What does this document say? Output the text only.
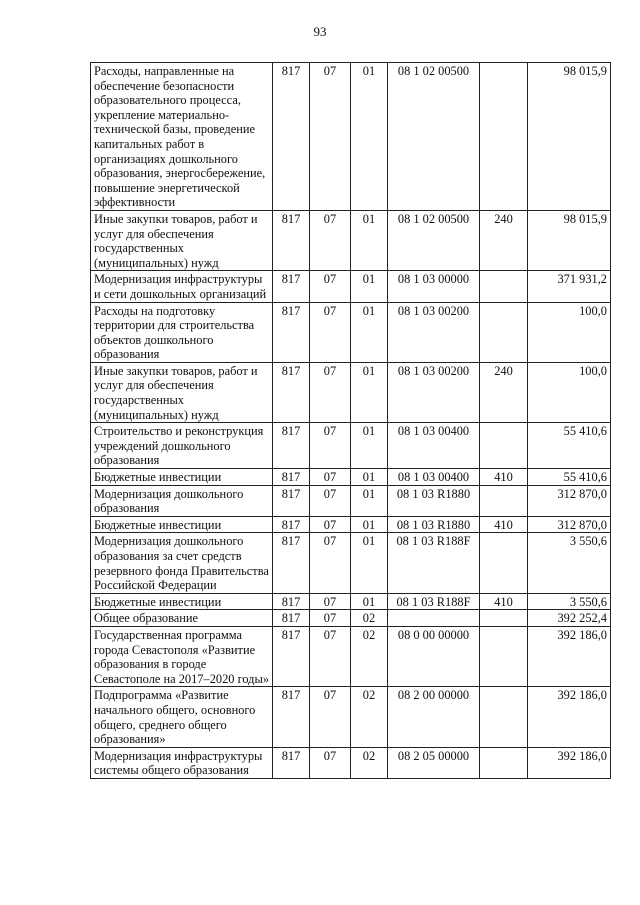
93
Расходы, направленные на обеспечение безопасности образовательного процесса, укрепление материально-технической базы, проведение капитальных работ в организациях дошкольного образования, энергосбережение, повышение энергетической эффективности	817	07	01	08 1 02 00500		98 015,9
Иные закупки товаров, работ и услуг для обеспечения государственных (муниципальных) нужд	817	07	01	08 1 02 00500	240	98 015,9
Модернизация инфраструктуры и сети дошкольных организаций	817	07	01	08 1 03 00000		371 931,2
Расходы на подготовку территории для строительства объектов дошкольного образования	817	07	01	08 1 03 00200		100,0
Иные закупки товаров, работ и услуг для обеспечения государственных (муниципальных) нужд	817	07	01	08 1 03 00200	240	100,0
Строительство и реконструкция учреждений дошкольного образования	817	07	01	08 1 03 00400		55 410,6
Бюджетные инвестиции	817	07	01	08 1 03 00400	410	55 410,6
Модернизация дошкольного образования	817	07	01	08 1 03 R1880		312 870,0
Бюджетные инвестиции	817	07	01	08 1 03 R1880	410	312 870,0
Модернизация дошкольного образования за счет средств резервного фонда Правительства Российской Федерации	817	07	01	08 1 03 R188F		3 550,6
Бюджетные инвестиции	817	07	01	08 1 03 R188F	410	3 550,6
Общее образование	817	07	02			392 252,4
Государственная программа города Севастополя «Развитие образования в городе Севастополе на 2017–2020 годы»	817	07	02	08 0 00 00000		392 186,0
Подпрограмма «Развитие начального общего, основного общего, среднего общего образования»	817	07	02	08 2 00 00000		392 186,0
Модернизация инфраструктуры системы общего образования	817	07	02	08 2 05 00000		392 186,0
